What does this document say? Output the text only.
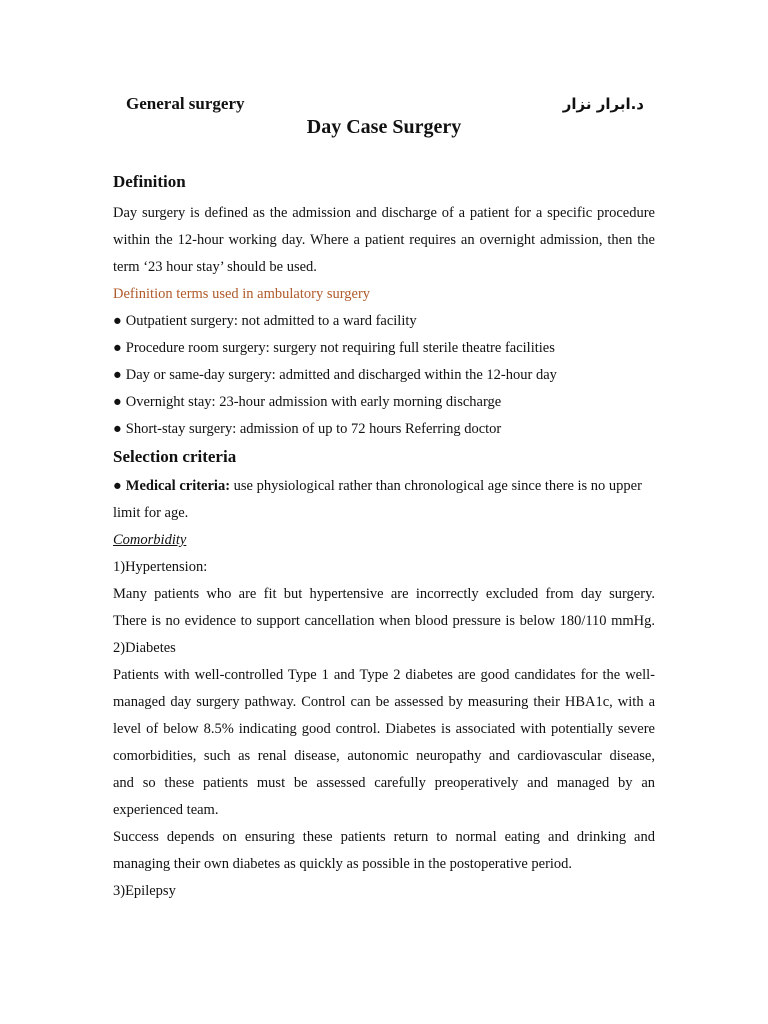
General surgery	د.ابرار نزار
Day Case Surgery
Definition
Day surgery is defined as the admission and discharge of a patient for a specific procedure
within the 12-hour working day. Where a patient requires an overnight admission, then the
term ‘23 hour stay’ should be used.
Definition terms used in ambulatory surgery
● Outpatient surgery: not admitted to a ward facility
● Procedure room surgery: surgery not requiring full sterile theatre facilities
● Day or same-day surgery: admitted and discharged within the 12-hour day
● Overnight stay: 23-hour admission with early morning discharge
● Short-stay surgery: admission of up to 72 hours Referring doctor
Selection criteria
● Medical criteria: use physiological rather than chronological age since there is no upper
limit for age.
Comorbidity
1)Hypertension:
Many patients who are fit but hypertensive are incorrectly excluded from day surgery.
There is no evidence to support cancellation when blood pressure is below 180/110 mmHg.
2)Diabetes
Patients with well-controlled Type 1 and Type 2 diabetes are good candidates for the well-
managed day surgery pathway. Control can be assessed by measuring their HBA1c, with a
level of below 8.5% indicating good control. Diabetes is associated with potentially severe
comorbidities, such as renal disease, autonomic neuropathy and cardiovascular disease,
and so these patients must be assessed carefully preoperatively and managed by an
experienced team.
Success depends on ensuring these patients return to normal eating and drinking and
managing their own diabetes as quickly as possible in the postoperative period.
3)Epilepsy
